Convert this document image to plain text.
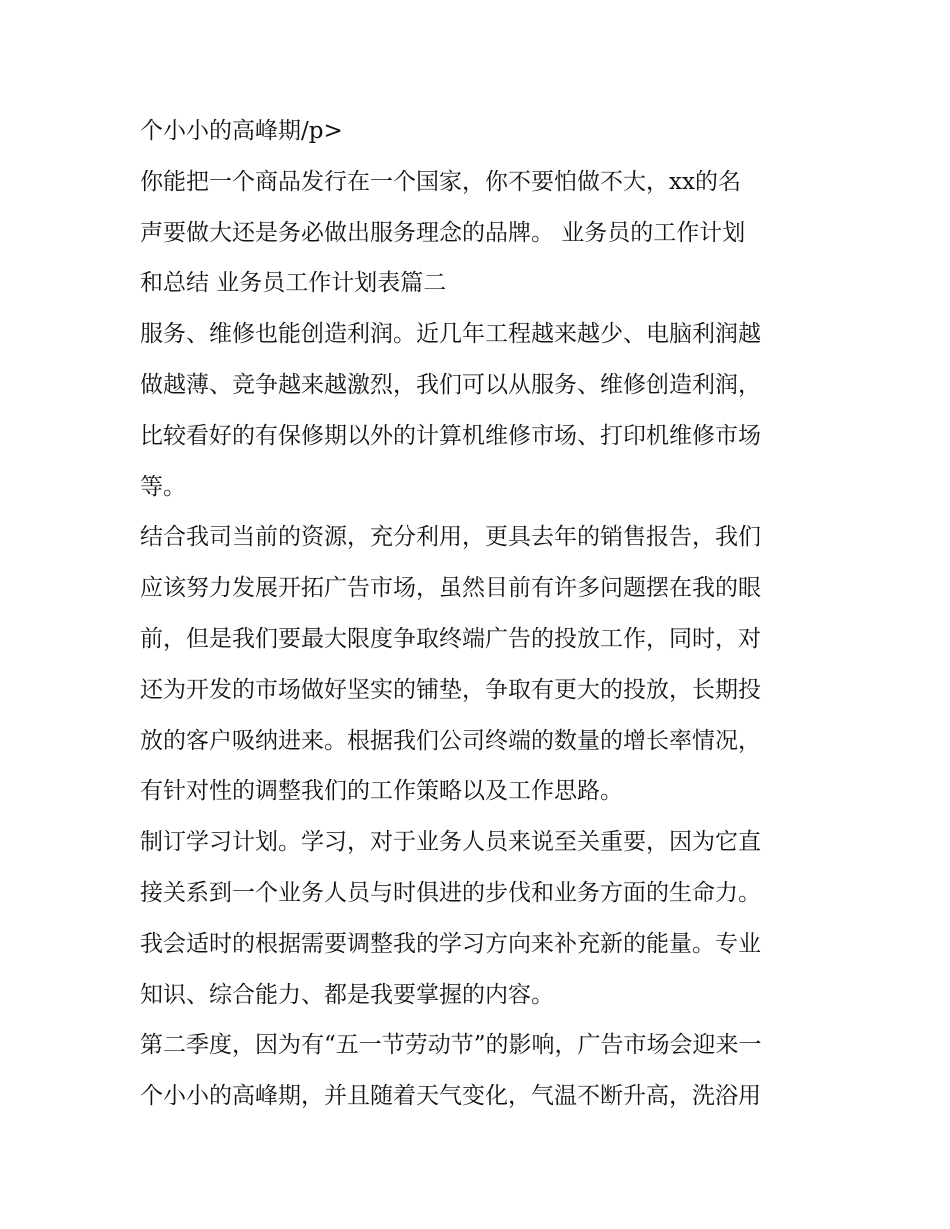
个小小的高峰期/p>
你能把一个商品发行在一个国家，你不要怕做不大，xx的名
声要做大还是务必做出服务理念的品牌。 业务员的工作计划
和总结 业务员工作计划表篇二
服务、维修也能创造利润。近几年工程越来越少、电脑利润越
做越薄、竞争越来越激烈，我们可以从服务、维修创造利润，
比较看好的有保修期以外的计算机维修市场、打印机维修市场
等。
结合我司当前的资源，充分利用，更具去年的销售报告，我们
应该努力发展开拓广告市场，虽然目前有许多问题摆在我的眼
前，但是我们要最大限度争取终端广告的投放工作，同时，对
还为开发的市场做好坚实的铺垫，争取有更大的投放，长期投
放的客户吸纳进来。根据我们公司终端的数量的增长率情况，
有针对性的调整我们的工作策略以及工作思路。
制订学习计划。学习，对于业务人员来说至关重要，因为它直
接关系到一个业务人员与时俱进的步伐和业务方面的生命力。
我会适时的根据需要调整我的学习方向来补充新的能量。专业
知识、综合能力、都是我要掌握的内容。
第二季度，因为有“五一节劳动节”的影响，广告市场会迎来一
个小小的高峰期，并且随着天气变化，气温不断升高，洗浴用
